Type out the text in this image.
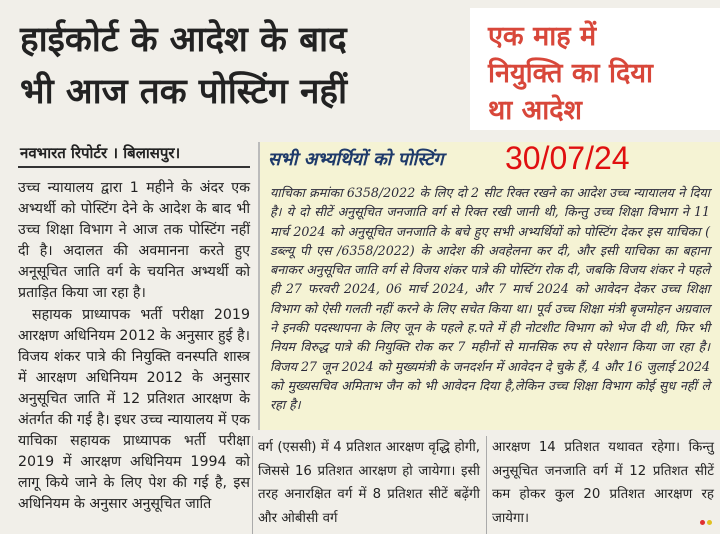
हाईकोर्ट के आदेश के बाद
भी आज तक पोस्टिंग नहीं
एक माह में
नियुक्ति का दिया
था आदेश
नवभारत रिपोर्टर । बिलासपुर।

उच्च न्यायालय द्वारा 1 महीने के अंदर एक अभ्यर्थी को पोस्टिंग देने के आदेश के बाद भी उच्च शिक्षा विभाग ने आज तक पोस्टिंग नहीं दी है। अदालत की अवमानना करते हुए अनूसूचित जाति वर्ग के चयनित अभ्यर्थी को प्रताड़ित किया जा रहा है।

सहायक प्राध्यापक भर्ती परीक्षा 2019 आरक्षण अधिनियम 2012 के अनुसार हुई है। विजय शंकर पात्रे की नियुक्ति वनस्पति शास्त्र में आरक्षण अधिनियम 2012 के अनुसार अनुसूचित जाति में 12 प्रतिशत आरक्षण के अंतर्गत की गई है। इधर उच्च न्यायालय में एक याचिका सहायक प्राध्यापक भर्ती परीक्षा 2019 में आरक्षण अधिनियम 1994 को लागू किये जाने के लिए पेश की गई है, इस अधिनियम के अनुसार अनुसूचित जाति

सभी अभ्यर्थियों को पोस्टिंग 30/07/24
याचिका क्रमांका 6358/2022 के लिए दो 2 सीट रिक्त रखने का आदेश उच्च न्यायालय ने दिया है। ये दो सीटें अनुसूचित जनजाति वर्ग से रिक्त रखी जानी थी, किन्तु उच्च शिक्षा विभाग ने 11 मार्च 2024 को अनुसूचित जनजाति के बचे हुए सभी अभ्यर्थियों को पोस्टिंग देकर इस याचिका ( डब्ल्यू पी एस /6358/2022) के आदेश की अवहेलना कर दी, और इसी याचिका का बहाना बनाकर अनुसूचित जाति वर्ग से विजय शंकर पात्रे की पोस्टिंग रोक दी, जबकि विजय शंकर ने पहले ही 27 फरवरी 2024, 06 मार्च 2024, और 7 मार्च 2024 को आवेदन देकर उच्च शिक्षा विभाग को ऐसी गलती नहीं करने के लिए सचेत किया था। पूर्व उच्च शिक्षा मंत्री बृजमोहन अग्रवाल ने इनकी पदस्थापना के लिए जून के पहले ह.पते में ही नोटशीट विभाग को भेज दी थी, फिर भी नियम विरुद्ध पात्रे की नियुक्ति रोक कर 7 महीनों से मानसिक रुप से परेशान किया जा रहा है।विजय 27 जून 2024 को मुख्यमंत्री के जनदर्शन में आवेदन दे चुके हैं, 4 और 16 जुलाई 2024 को मुख्यसचिव अमिताभ जैन को भी आवेदन दिया है,लेकिन उच्च शिक्षा विभाग कोई सुध नहीं ले रहा है।
वर्ग (एससी) में 4 प्रतिशत आरक्षण वृद्धि होगी, जिससे 16 प्रतिशत आरक्षण हो जायेगा। इसी तरह अनारक्षित वर्ग में 8 प्रतिशत सीटें बढ़ेंगी और ओबीसी वर्ग
आरक्षण 14 प्रतिशत यथावत रहेगा। किन्तु अनुसूचित जनजाति वर्ग में 12 प्रतिशत सीटें कम होकर कुल 20 प्रतिशत आरक्षण रह जायेगा।
